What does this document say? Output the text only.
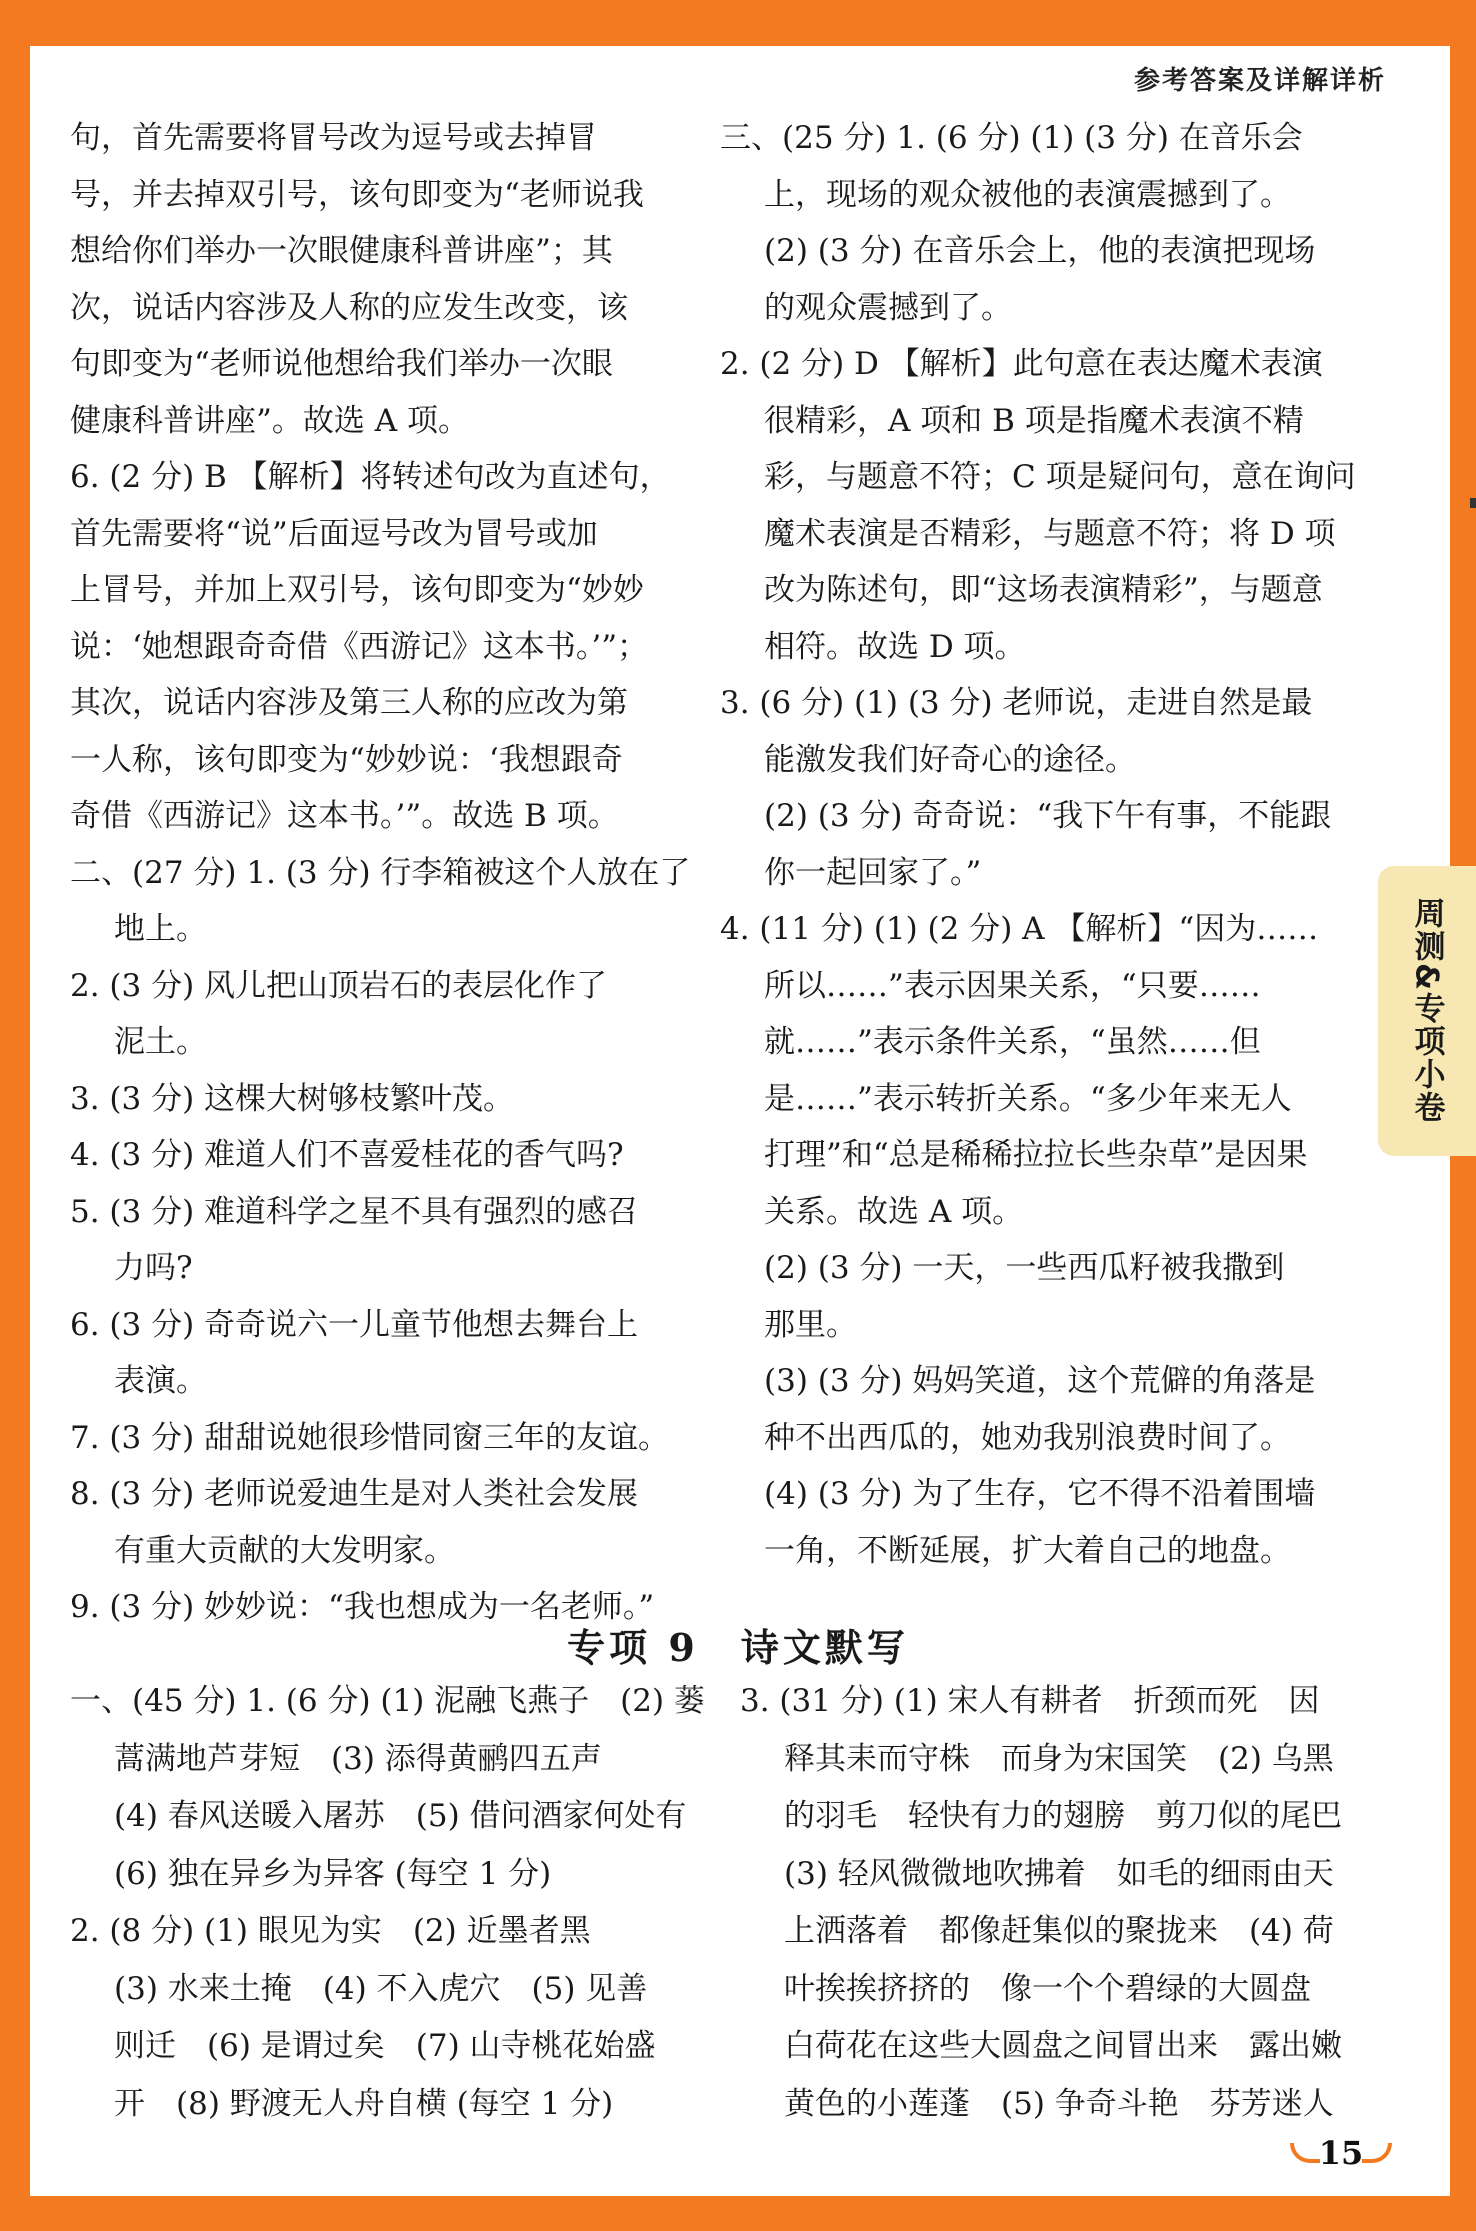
参考答案及详解详析

句，首先需要将冒号改为逗号或去掉冒

号，并去掉双引号，该句即变为“老师说我

想给你们举办一次眼健康科普讲座”；其

次，说话内容涉及人称的应发生改变，该

句即变为“老师说他想给我们举办一次眼

健康科普讲座”。故选 A 项。

6. (2 分) B 【解析】将转述句改为直述句，

首先需要将“说”后面逗号改为冒号或加

上冒号，并加上双引号，该句即变为“妙妙

说：‘她想跟奇奇借《西游记》这本书。’”；

其次，说话内容涉及第三人称的应改为第

一人称，该句即变为“妙妙说：‘我想跟奇

奇借《西游记》这本书。’”。故选 B 项。

二、(27 分) 1. (3 分) 行李箱被这个人放在了

地上。

2. (3 分) 风儿把山顶岩石的表层化作了

泥土。

3. (3 分) 这棵大树够枝繁叶茂。

4. (3 分) 难道人们不喜爱桂花的香气吗?

5. (3 分) 难道科学之星不具有强烈的感召

力吗?

6. (3 分) 奇奇说六一儿童节他想去舞台上

表演。

7. (3 分) 甜甜说她很珍惜同窗三年的友谊。

8. (3 分) 老师说爱迪生是对人类社会发展

有重大贡献的大发明家。

9. (3 分) 妙妙说：“我也想成为一名老师。”

三、(25 分) 1. (6 分) (1) (3 分) 在音乐会

上，现场的观众被他的表演震撼到了。

(2) (3 分) 在音乐会上，他的表演把现场

的观众震撼到了。

2. (2 分) D 【解析】此句意在表达魔术表演

很精彩，A 项和 B 项是指魔术表演不精

彩，与题意不符；C 项是疑问句，意在询问

魔术表演是否精彩，与题意不符；将 D 项

改为陈述句，即“这场表演精彩”，与题意

相符。故选 D 项。

3. (6 分) (1) (3 分) 老师说，走进自然是最

能激发我们好奇心的途径。

(2) (3 分) 奇奇说：“我下午有事，不能跟

你一起回家了。”

4. (11 分) (1) (2 分) A 【解析】“因为……

所以……”表示因果关系，“只要……

就……”表示条件关系，“虽然……但

是……”表示转折关系。“多少年来无人

打理”和“总是稀稀拉拉长些杂草”是因果

关系。故选 A 项。

(2) (3 分) 一天，一些西瓜籽被我撒到

那里。

(3) (3 分) 妈妈笑道，这个荒僻的角落是

种不出西瓜的，她劝我别浪费时间了。

(4) (3 分) 为了生存，它不得不沿着围墙

一角，不断延展，扩大着自己的地盘。

专项 9　诗文默写

一、(45 分) 1. (6 分) (1) 泥融飞燕子　(2) 蒌

蒿满地芦芽短　(3) 添得黄鹂四五声

(4) 春风送暖入屠苏　(5) 借问酒家何处有

(6) 独在异乡为异客 (每空 1 分)

2. (8 分) (1) 眼见为实　(2) 近墨者黑

(3) 水来土掩　(4) 不入虎穴　(5) 见善

则迁　(6) 是谓过矣　(7) 山寺桃花始盛

开　(8) 野渡无人舟自横 (每空 1 分)

3. (31 分) (1) 宋人有耕者　折颈而死　因

释其耒而守株　而身为宋国笑　(2) 乌黑

的羽毛　轻快有力的翅膀　剪刀似的尾巴

(3) 轻风微微地吹拂着　如毛的细雨由天

上洒落着　都像赶集似的聚拢来　(4) 荷

叶挨挨挤挤的　像一个个碧绿的大圆盘

白荷花在这些大圆盘之间冒出来　露出嫩

黄色的小莲蓬　(5) 争奇斗艳　芬芳迷人

周测&专项小卷
15
